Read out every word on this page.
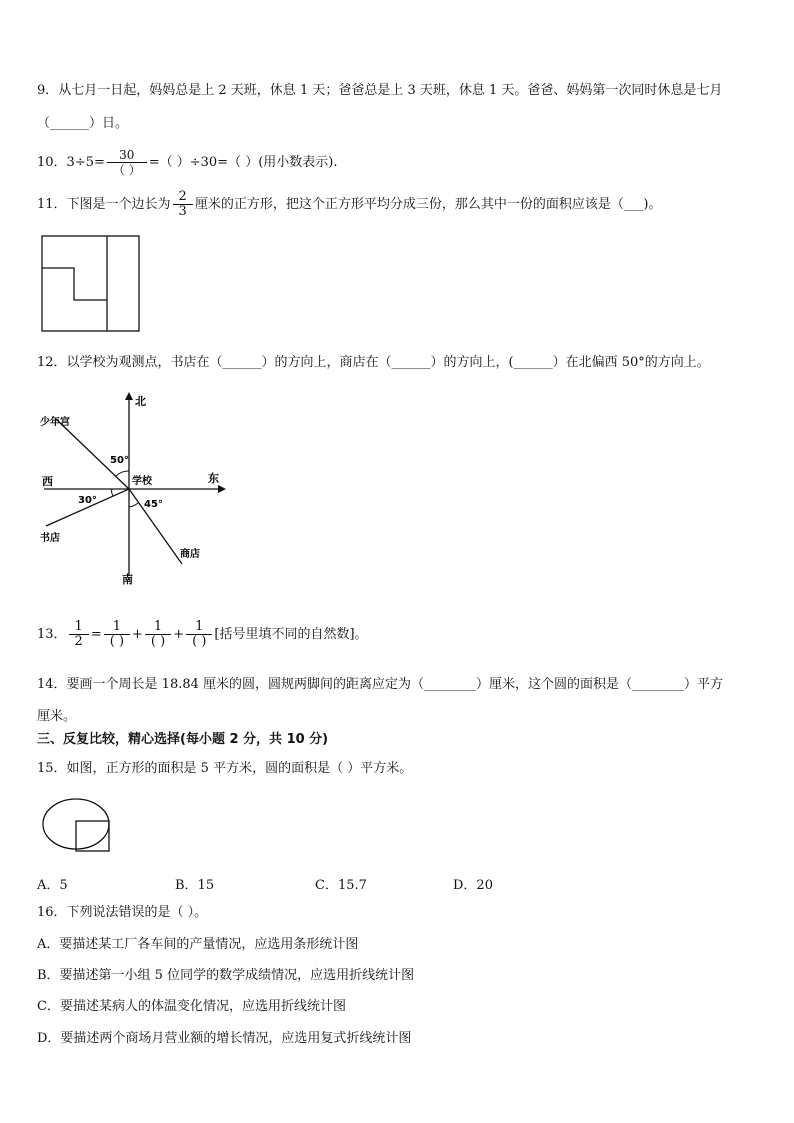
9．从七月一日起，妈妈总是上 2 天班，休息 1 天；爸爸总是上 3 天班，休息 1 天。爸爸、妈妈第一次同时休息是七月
（______）日。
10．$3\div 5= \frac{30}{( )}$ =（ ）÷30=（ ）(用小数表示).
11．下图是一个边长为 $\frac{2}{3}$ 厘米的正方形，把这个正方形平均分成三份，那么其中一份的面积应该是（___)。
12．以学校为观测点，书店在（______）的方向上，商店在（______）的方向上，(______）在北偏西 50°的方向上。
北
南
东
西	学校
少年宫
书店
商店
50°
30°	45°
13． $\frac{1}{2} = \frac{1}{( )} + \frac{1}{( )} + \frac{1}{( )}$ [括号里填不同的自然数]。
14．要画一个周长是 18.84 厘米的圆，圆规两脚间的距离应定为（________）厘米，这个圆的面积是（________）平方
厘米。
三、反复比较，精心选择(每小题 2 分，共 10 分)
15．如图，正方形的面积是 5 平方米，圆的面积是（ ）平方米。
A．5	B．15	C．15.7	D．20
16．下列说法错误的是（ ）。
A．要描述某工厂各车间的产量情况，应选用条形统计图
B．要描述第一小组 5 位同学的数学成绩情况，应选用折线统计图
C．要描述某病人的体温变化情况，应选用折线统计图
D．要描述两个商场月营业额的增长情况，应选用复式折线统计图
